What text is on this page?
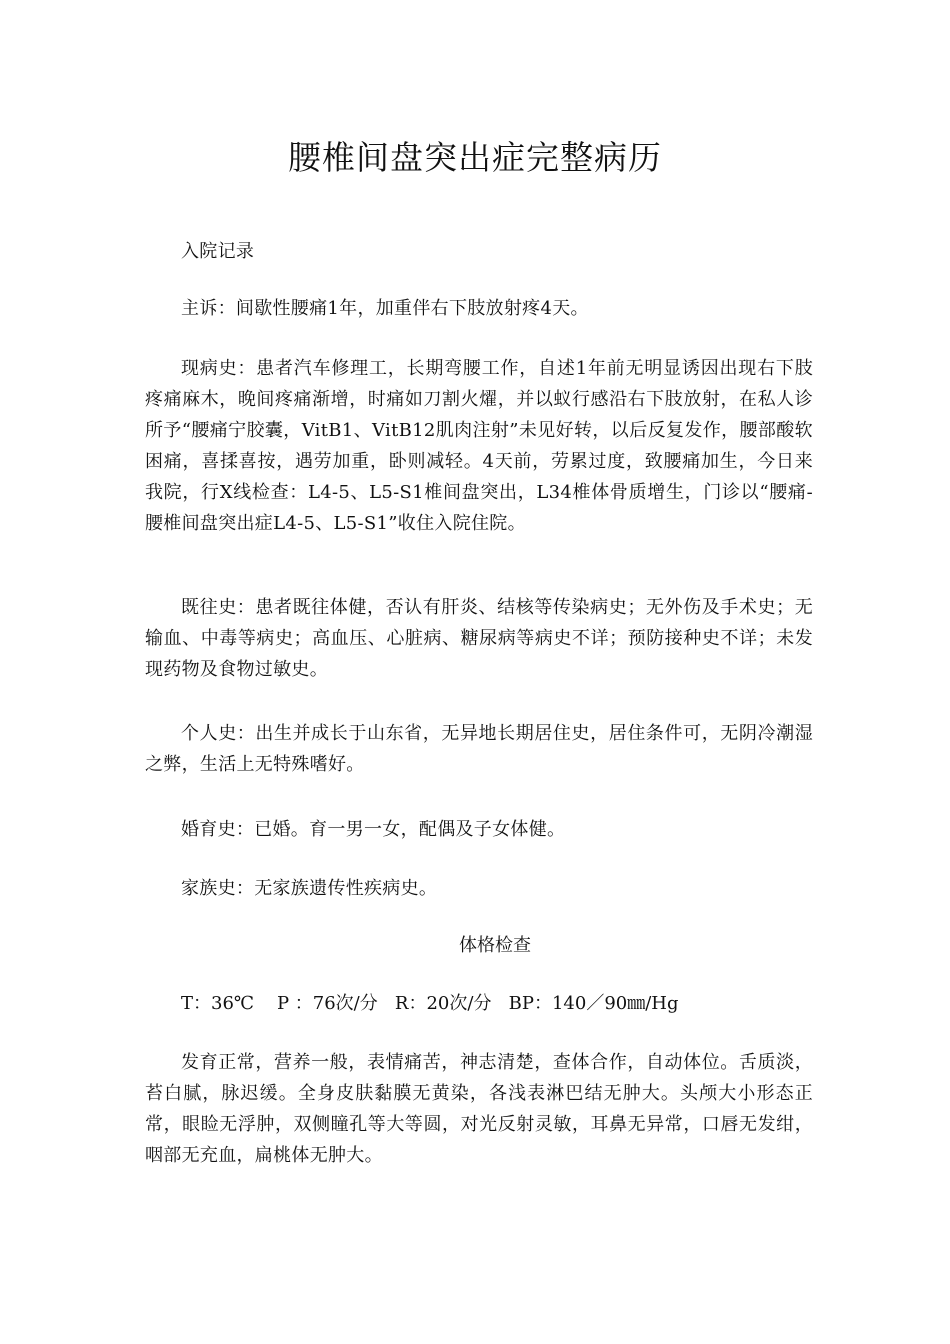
腰椎间盘突出症完整病历

入院记录

主诉：间歇性腰痛1年，加重伴右下肢放射疼4天。

现病史：患者汽车修理工，长期弯腰工作，自述1年前无明显诱因出现右下肢疼痛麻木，晚间疼痛渐增，时痛如刀割火燿，并以蚁行感沿右下肢放射，在私人诊所予“腰痛宁胶囊，VitB1、VitB12肌肉注射”未见好转，以后反复发作，腰部酸软困痛，喜揉喜按，遇劳加重，卧则减轻。4天前，劳累过度，致腰痛加生，今日来我院，行X线检查：L4-5、L5-S1椎间盘突出，L34椎体骨质增生，门诊以“腰痛-腰椎间盘突出症L4-5、L5-S1”收住入院住院。

既往史：患者既往体健，否认有肝炎、结核等传染病史；无外伤及手术史；无输血、中毒等病史；高血压、心脏病、糖尿病等病史不详；预防接种史不详；未发现药物及食物过敏史。

个人史：出生并成长于山东省，无异地长期居住史，居住条件可，无阴冷潮湿之弊，生活上无特殊嗜好。

婚育史：已婚。育一男一女，配偶及子女体健。

家族史：无家族遗传性疾病史。

体格检查

T：36℃ P ：76次/分 R：20次/分 BP：140／90㎜/Hg

发育正常，营养一般，表情痛苦，神志清楚，查体合作，自动体位。舌质淡，苔白腻，脉迟缓。全身皮肤黏膜无黄染，各浅表淋巴结无肿大。头颅大小形态正常，眼睑无浮肿，双侧瞳孔等大等圆，对光反射灵敏，耳鼻无异常，口唇无发绀，咽部无充血，扁桃体无肿大。
